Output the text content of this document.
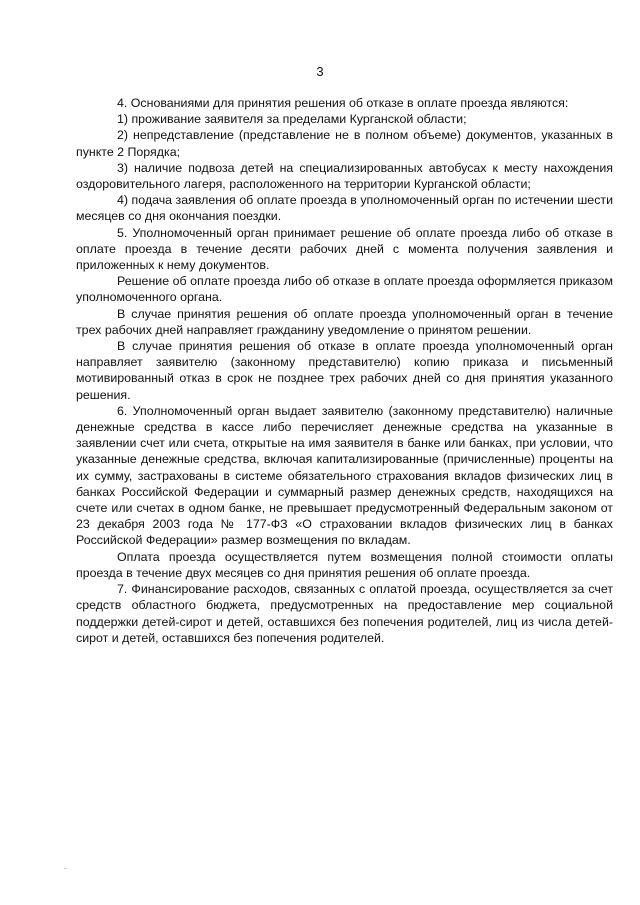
3

4. Основаниями для принятия решения об отказе в оплате проезда являются:

1) проживание заявителя за пределами Курганской области;

2) непредставление (представление не в полном объеме) документов, указанных в пункте 2 Порядка;

3) наличие подвоза детей на специализированных автобусах к месту нахождения оздоровительного лагеря, расположенного на территории Курганской области;

4) подача заявления об оплате проезда в уполномоченный орган по истечении шести месяцев со дня окончания поездки.

5. Уполномоченный орган принимает решение об оплате проезда либо об отказе в оплате проезда в течение десяти рабочих дней с момента получения заявления и приложенных к нему документов.

Решение об оплате проезда либо об отказе в оплате проезда оформляется приказом уполномоченного органа.

В случае принятия решения об оплате проезда уполномоченный орган в течение трех рабочих дней направляет гражданину уведомление о принятом решении.

В случае принятия решения об отказе в оплате проезда уполномоченный орган направляет заявителю (законному представителю) копию приказа и письменный мотивированный отказ в срок не позднее трех рабочих дней со дня принятия указанного решения.

6. Уполномоченный орган выдает заявителю (законному представителю) наличные денежные средства в кассе либо перечисляет денежные средства на указанные в заявлении счет или счета, открытые на имя заявителя в банке или банках, при условии, что указанные денежные средства, включая капитализированные (причисленные) проценты на их сумму, застрахованы в системе обязательного страхования вкладов физических лиц в банках Российской Федерации и суммарный размер денежных средств, находящихся на счете или счетах в одном банке, не превышает предусмотренный Федеральным законом от 23 декабря 2003 года № 177-ФЗ «О страховании вкладов физических лиц в банках Российской Федерации» размер возмещения по вкладам.

Оплата проезда осуществляется путем возмещения полной стоимости оплаты проезда в течение двух месяцев со дня принятия решения об оплате проезда.

7. Финансирование расходов, связанных с оплатой проезда, осуществляется за счет средств областного бюджета, предусмотренных на предоставление мер социальной поддержки детей-сирот и детей, оставшихся без попечения родителей, лиц из числа детей-сирот и детей, оставшихся без попечения родителей.
